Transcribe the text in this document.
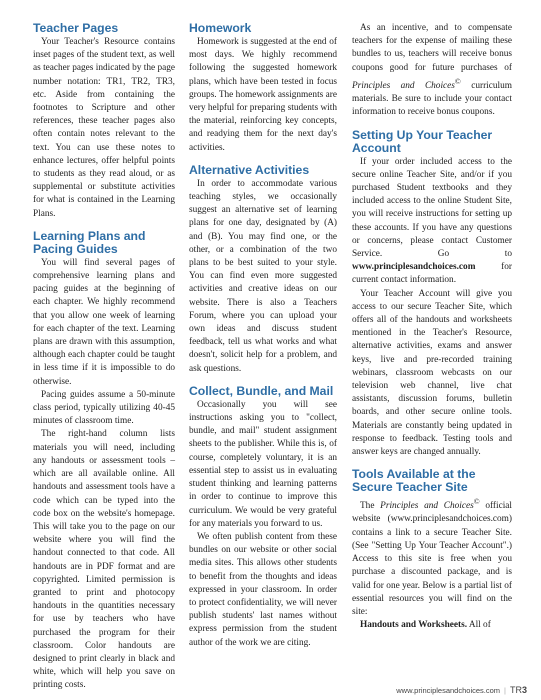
Teacher Pages

Your Teacher's Resource contains inset pages of the student text, as well as teacher pages indicated by the page number notation: TR1, TR2, TR3, etc. Aside from containing the footnotes to Scripture and other references, these teacher pages also often contain notes relevant to the text. You can use these notes to enhance lectures, offer helpful points to students as they read aloud, or as supplemental or substitute activities for what is contained in the Learning Plans.

Learning Plans and Pacing Guides

You will find several pages of comprehensive learning plans and pacing guides at the beginning of each chapter. We highly recommend that you allow one week of learning for each chapter of the text. Learning plans are drawn with this assumption, although each chapter could be taught in less time if it is impossible to do otherwise.

Pacing guides assume a 50-minute class period, typically utilizing 40-45 minutes of classroom time.

The right-hand column lists materials you will need, including any handouts or assessment tools – which are all available online. All handouts and assessment tools have a code which can be typed into the code box on the website's homepage. This will take you to the page on our website where you will find the handout connected to that code. All handouts are in PDF format and are copyrighted. Limited permission is granted to print and photocopy handouts in the quantities necessary for use by teachers who have purchased the program for their classroom. Color handouts are designed to print clearly in black and white, which will help you save on printing costs.

Homework

Homework is suggested at the end of most days. We highly recommend following the suggested homework plans, which have been tested in focus groups. The homework assignments are very helpful for preparing students with the material, reinforcing key concepts, and readying them for the next day's activities.

Alternative Activities

In order to accommodate various teaching styles, we occasionally suggest an alternative set of learning plans for one day, designated by (A) and (B). You may find one, or the other, or a combination of the two plans to be best suited to your style. You can find even more suggested activities and creative ideas on our website. There is also a Teachers Forum, where you can upload your own ideas and discuss student feedback, tell us what works and what doesn't, solicit help for a problem, and ask questions.

Collect, Bundle, and Mail

Occasionally you will see instructions asking you to "collect, bundle, and mail" student assignment sheets to the publisher. While this is, of course, completely voluntary, it is an essential step to assist us in evaluating student thinking and learning patterns in order to continue to improve this curriculum. We would be very grateful for any materials you forward to us.

We often publish content from these bundles on our website or other social media sites. This allows other students to benefit from the thoughts and ideas expressed in your classroom. In order to protect confidentiality, we will never publish students' last names without express permission from the student author of the work we are citing.

As an incentive, and to compensate teachers for the expense of mailing these bundles to us, teachers will receive bonus coupons good for future purchases of Principles and Choices© curriculum materials. Be sure to include your contact information to receive bonus coupons.

Setting Up Your Teacher Account

If your order included access to the secure online Teacher Site, and/or if you purchased Student textbooks and they included access to the online Student Site, you will receive instructions for setting up these accounts. If you have any questions or concerns, please contact Customer Service. Go to www.principlesandchoices.com for current contact information.

Your Teacher Account will give you access to our secure Teacher Site, which offers all of the handouts and worksheets mentioned in the Teacher's Resource, alternative activities, exams and answer keys, live and pre-recorded training webinars, classroom webcasts on our television web channel, live chat assistants, discussion forums, bulletin boards, and other secure online tools. Materials are constantly being updated in response to feedback. Testing tools and answer keys are changed annually.

Tools Available at the Secure Teacher Site

The Principles and Choices© official website (www.principlesandchoices.com) contains a link to a secure Teacher Site. (See "Setting Up Your Teacher Account".) Access to this site is free when you purchase a discounted package, and is valid for one year. Below is a partial list of essential resources you will find on the site:

Handouts and Worksheets. All of

www.principlesandchoices.com | TR3
